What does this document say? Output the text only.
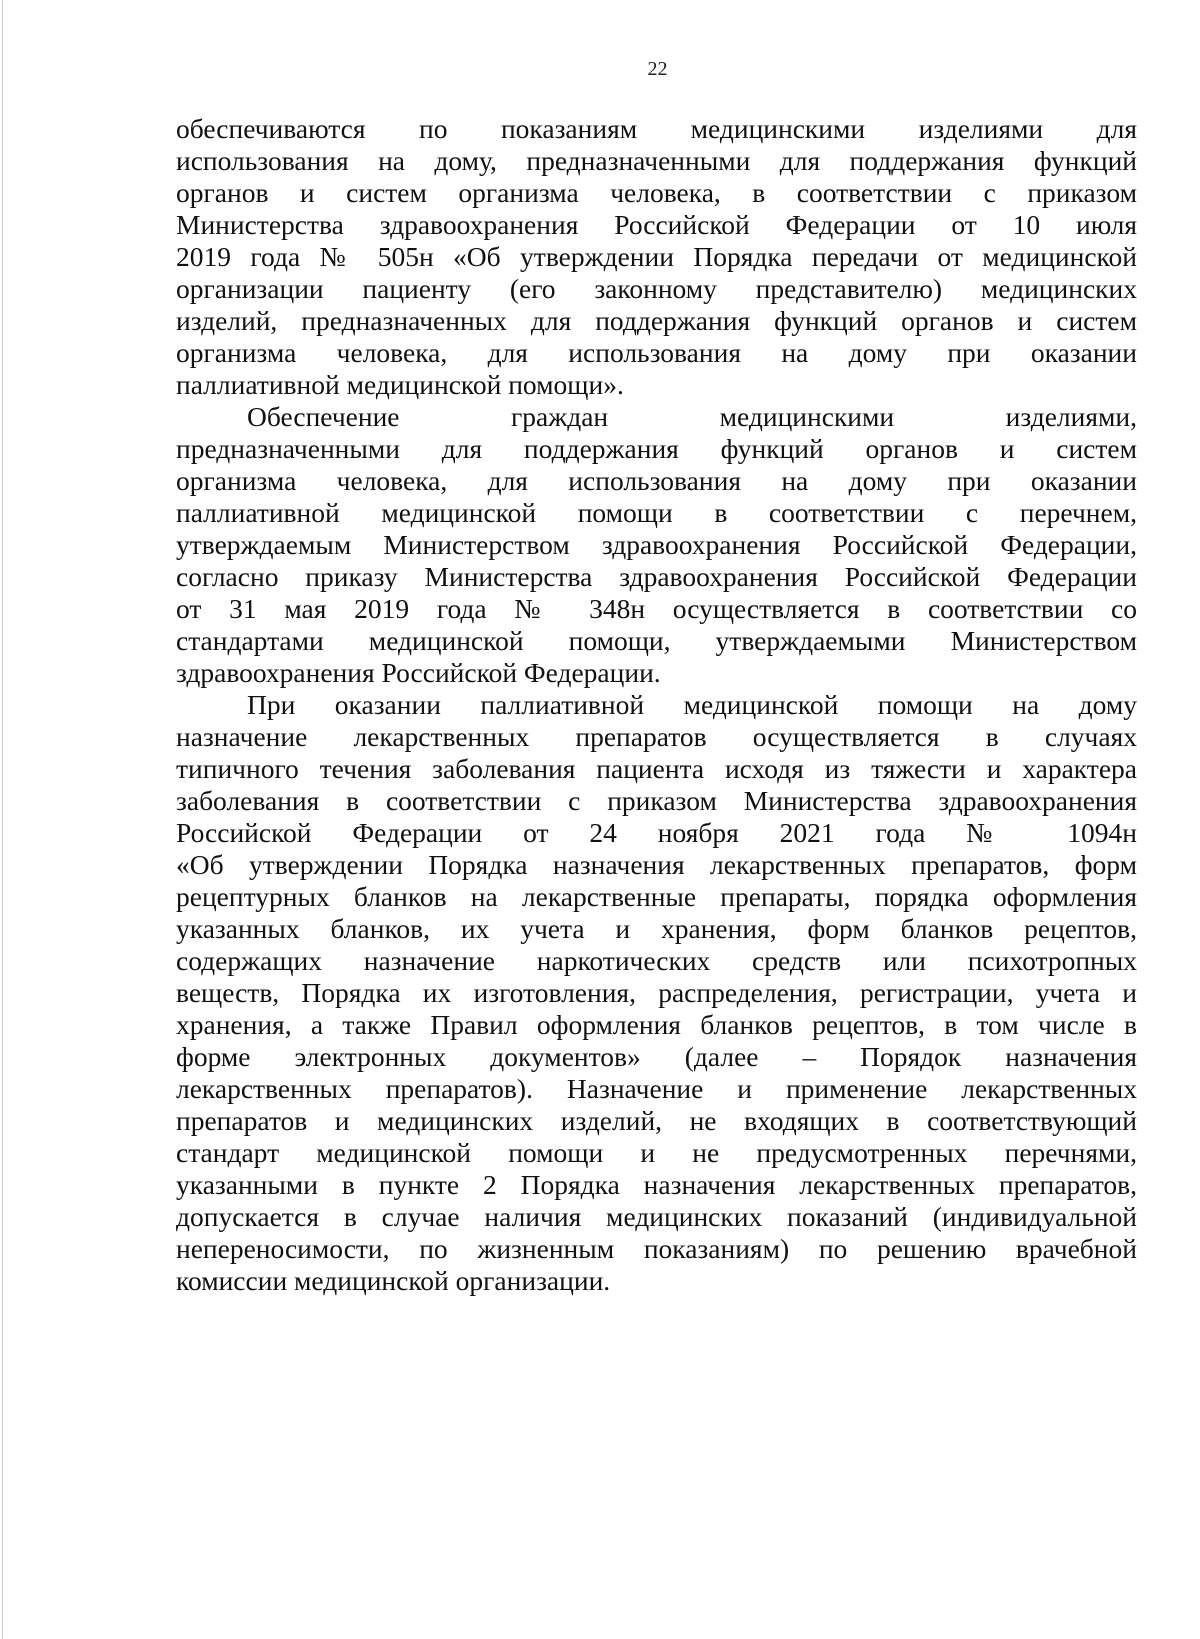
22
обеспечиваются по показаниям медицинскими изделиями для
использования на дому, предназначенными для поддержания функций
органов и систем организма человека, в соответствии с приказом
Министерства здравоохранения Российской Федерации от 10 июля
2019 года № 505н «Об утверждении Порядка передачи от медицинской
организации пациенту (его законному представителю) медицинских
изделий, предназначенных для поддержания функций органов и систем
организма человека, для использования на дому при оказании
паллиативной медицинской помощи».
Обеспечение граждан медицинскими изделиями,
предназначенными для поддержания функций органов и систем
организма человека, для использования на дому при оказании
паллиативной медицинской помощи в соответствии с перечнем,
утверждаемым Министерством здравоохранения Российской Федерации,
согласно приказу Министерства здравоохранения Российской Федерации
от 31 мая 2019 года № 348н осуществляется в соответствии со
стандартами медицинской помощи, утверждаемыми Министерством
здравоохранения Российской Федерации.
При оказании паллиативной медицинской помощи на дому
назначение лекарственных препаратов осуществляется в случаях
типичного течения заболевания пациента исходя из тяжести и характера
заболевания в соответствии с приказом Министерства здравоохранения
Российской Федерации от 24 ноября 2021 года № 1094н
«Об утверждении Порядка назначения лекарственных препаратов, форм
рецептурных бланков на лекарственные препараты, порядка оформления
указанных бланков, их учета и хранения, форм бланков рецептов,
содержащих назначение наркотических средств или психотропных
веществ, Порядка их изготовления, распределения, регистрации, учета и
хранения, а также Правил оформления бланков рецептов, в том числе в
форме электронных документов» (далее – Порядок назначения
лекарственных препаратов). Назначение и применение лекарственных
препаратов и медицинских изделий, не входящих в соответствующий
стандарт медицинской помощи и не предусмотренных перечнями,
указанными в пункте 2 Порядка назначения лекарственных препаратов,
допускается в случае наличия медицинских показаний (индивидуальной
непереносимости, по жизненным показаниям) по решению врачебной
комиссии медицинской организации.
